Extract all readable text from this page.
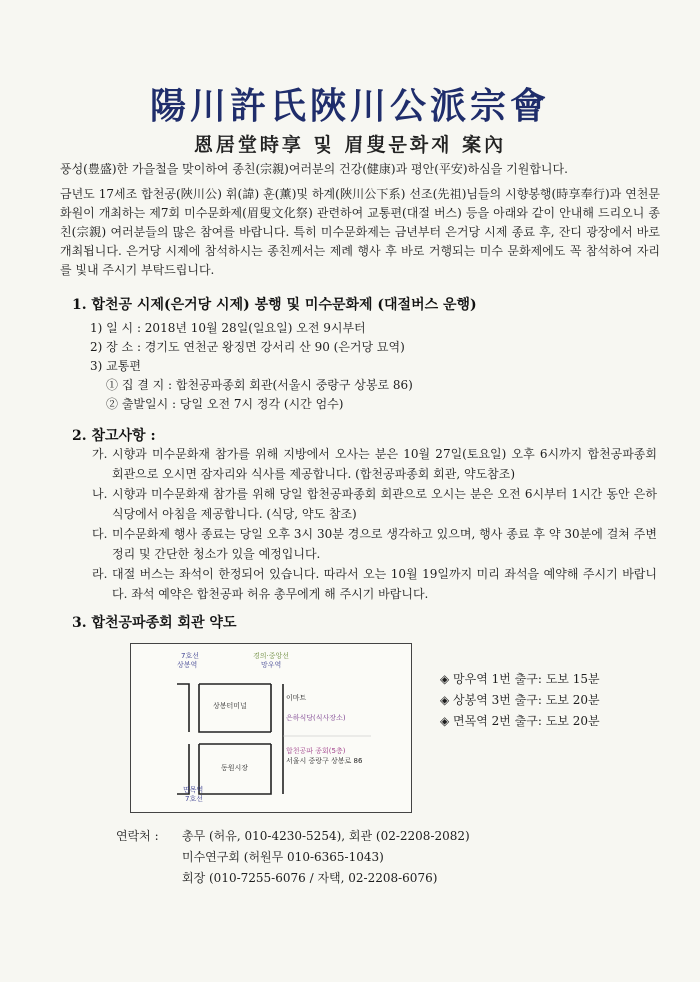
陽川許氏陜川公派宗會
恩居堂時享 및 眉叟문화재 案內

풍성(豊盛)한 가을철을 맞이하여 종친(宗親)여러분의 건강(健康)과 평안(平安)하심을 기원합니다.

금년도 17세조 합천공(陜川公) 휘(諱) 훈(薰)및 하계(陜川公下系) 선조(先祖)님들의 시향봉행(時享奉行)과 연천문화원이 개최하는 제7회 미수문화제(眉叟文化祭) 관련하여 교통편(대절 버스) 등을 아래와 같이 안내해 드리오니 종친(宗親) 여러분들의 많은 참여를 바랍니다. 특히 미수문화제는 금년부터 은거당 시제 종료 후, 잔디 광장에서 바로 개최됩니다. 은거당 시제에 참석하시는 종친께서는 제례 행사 후 바로 거행되는 미수 문화제에도 꼭 참석하여 자리를 빛내 주시기 부탁드립니다.

1. 합천공 시제(은거당 시제) 봉행 및 미수문화제 (대절버스 운행)
1) 일 시 : 2018년 10월 28일(일요일) 오전 9시부터
2) 장 소 : 경기도 연천군 왕징면 강서리 산 90 (은거당 묘역)
3) 교통편
① 집 결 지 : 합천공파종회 회관(서울시 중랑구 상봉로 86)
② 출발일시 : 당일 오전 7시 정각 (시간 엄수)
2. 참고사항 :
가. 시향과 미수문화재 참가를 위해 지방에서 오사는 분은 10월 27일(토요일) 오후 6시까지 합천공파종회 회관으로 오시면 잠자리와 식사를 제공합니다. (합천공파종회 회관, 약도참조)
나. 시향과 미수문화재 참가를 위해 당일 합천공파종회 회관으로 오시는 분은 오전 6시부터 1시간 동안 은하식당에서 아침을 제공합니다. (식당, 약도 참조)
다. 미수문화제 행사 종료는 당일 오후 3시 30분 경으로 생각하고 있으며, 행사 종료 후 약 30분에 걸쳐 주변 정리 및 간단한 청소가 있을 예정입니다.
라. 대절 버스는 좌석이 한정되어 있습니다. 따라서 오는 10월 19일까지 미리 좌석을 예약해 주시기 바랍니다. 좌석 예약은 합천공파 허유 총무에게 해 주시기 바랍니다.
3. 합천공파종회 회관 약도
7호선
상봉역
경의·중앙선
망우역
상봉터미널
이마트
은하식당(식사장소)
합천공파 종회(5층)
서울시 중랑구 상봉로 86
동원시장
면목역
7호선
◈ 망우역 1번 출구: 도보 15분
◈ 상봉역 3번 출구: 도보 20분
◈ 면목역 2번 출구: 도보 20분
연락처 : 총무 (허유, 010-4230-5254), 회관 (02-2208-2082)
미수연구회 (허원무 010-6365-1043)
회장 (010-7255-6076 / 자택, 02-2208-6076)
